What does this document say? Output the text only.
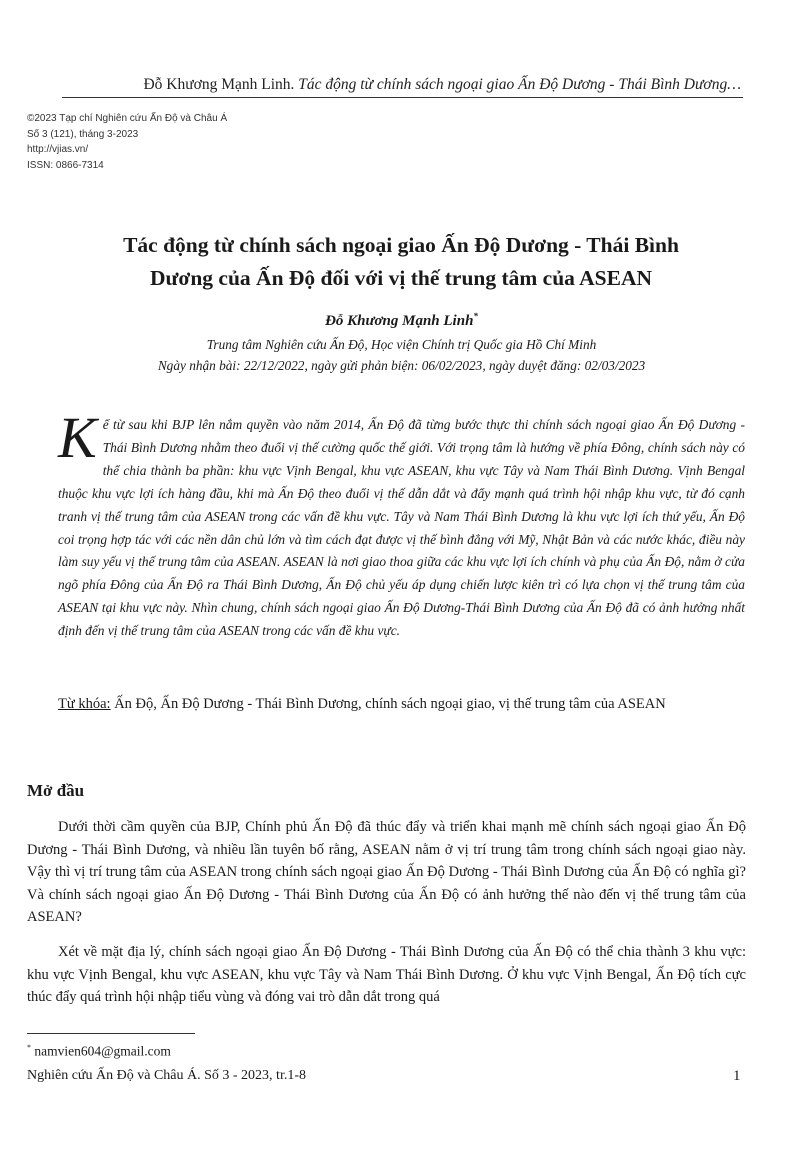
Đỗ Khương Mạnh Linh. Tác động từ chính sách ngoại giao Ấn Độ Dương - Thái Bình Dương…
©2023 Tạp chí Nghiên cứu Ấn Độ và Châu Á
Số 3 (121), tháng 3-2023
http://vjias.vn/
ISSN: 0866-7314
Tác động từ chính sách ngoại giao Ấn Độ Dương - Thái Bình
Dương của Ấn Độ đối với vị thế trung tâm của ASEAN
Đỗ Khương Mạnh Linh*
Trung tâm Nghiên cứu Ấn Độ, Học viện Chính trị Quốc gia Hồ Chí Minh
Ngày nhận bài: 22/12/2022, ngày gửi phản biện: 06/02/2023, ngày duyệt đăng: 02/03/2023
Kể từ sau khi BJP lên nắm quyền vào năm 2014, Ấn Độ đã từng bước thực thi chính sách ngoại giao Ấn Độ Dương - Thái Bình Dương nhằm theo đuổi vị thế cường quốc thế giới. Với trọng tâm là hướng về phía Đông, chính sách này có thể chia thành ba phần: khu vực Vịnh Bengal, khu vực ASEAN, khu vực Tây và Nam Thái Bình Dương. Vịnh Bengal thuộc khu vực lợi ích hàng đầu, khi mà Ấn Độ theo đuổi vị thế dẫn dắt và đẩy mạnh quá trình hội nhập khu vực, từ đó cạnh tranh vị thế trung tâm của ASEAN trong các vấn đề khu vực. Tây và Nam Thái Bình Dương là khu vực lợi ích thứ yếu, Ấn Độ coi trọng hợp tác với các nền dân chủ lớn và tìm cách đạt được vị thế bình đẳng với Mỹ, Nhật Bản và các nước khác, điều này làm suy yếu vị thế trung tâm của ASEAN. ASEAN là nơi giao thoa giữa các khu vực lợi ích chính và phụ của Ấn Độ, nằm ở cửa ngõ phía Đông của Ấn Độ ra Thái Bình Dương, Ấn Độ chủ yếu áp dụng chiến lược kiên trì có lựa chọn vị thế trung tâm của ASEAN tại khu vực này. Nhìn chung, chính sách ngoại giao Ấn Độ Dương-Thái Bình Dương của Ấn Độ đã có ảnh hưởng nhất định đến vị thế trung tâm của ASEAN trong các vấn đề khu vực.
Từ khóa: Ấn Độ, Ấn Độ Dương - Thái Bình Dương, chính sách ngoại giao, vị thế trung tâm của ASEAN
Mở đầu

Dưới thời cầm quyền của BJP, Chính phủ Ấn Độ đã thúc đẩy và triển khai mạnh mẽ chính sách ngoại giao Ấn Độ Dương - Thái Bình Dương, và nhiều lần tuyên bố rằng, ASEAN nằm ở vị trí trung tâm trong chính sách ngoại giao này. Vậy thì vị trí trung tâm của ASEAN trong chính sách ngoại giao Ấn Độ Dương - Thái Bình Dương của Ấn Độ có nghĩa gì? Và chính sách ngoại giao Ấn Độ Dương - Thái Bình Dương của Ấn Độ có ảnh hưởng thế nào đến vị thế trung tâm của ASEAN?

Xét về mặt địa lý, chính sách ngoại giao Ấn Độ Dương - Thái Bình Dương của Ấn Độ có thể chia thành 3 khu vực: khu vực Vịnh Bengal, khu vực ASEAN, khu vực Tây và Nam Thái Bình Dương. Ở khu vực Vịnh Bengal, Ấn Độ tích cực thúc đẩy quá trình hội nhập tiểu vùng và đóng vai trò dẫn dắt trong quá

* namvien604@gmail.com
Nghiên cứu Ấn Độ và Châu Á. Số 3 - 2023, tr.1-8	1
